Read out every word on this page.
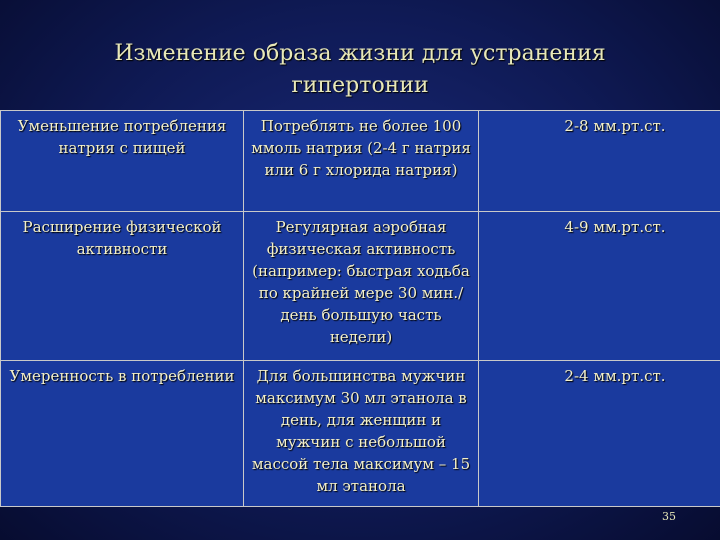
Изменение образа жизни для устранения гипертонии
Уменьшение потребления натрия с пищей	Потреблять не более 100 ммоль натрия (2-4 г натрия или 6 г хлорида натрия)	2-8 мм.рт.ст.
Расширение физической активности	Регулярная аэробная физическая активность (например: быстрая ходьба по крайней мере 30 мин./день большую часть недели)	4-9 мм.рт.ст.
Умеренность в потреблении	Для большинства мужчин максимум 30 мл этанола в день, для женщин и мужчин с небольшой массой тела максимум – 15 мл этанола	2-4 мм.рт.ст.
35
